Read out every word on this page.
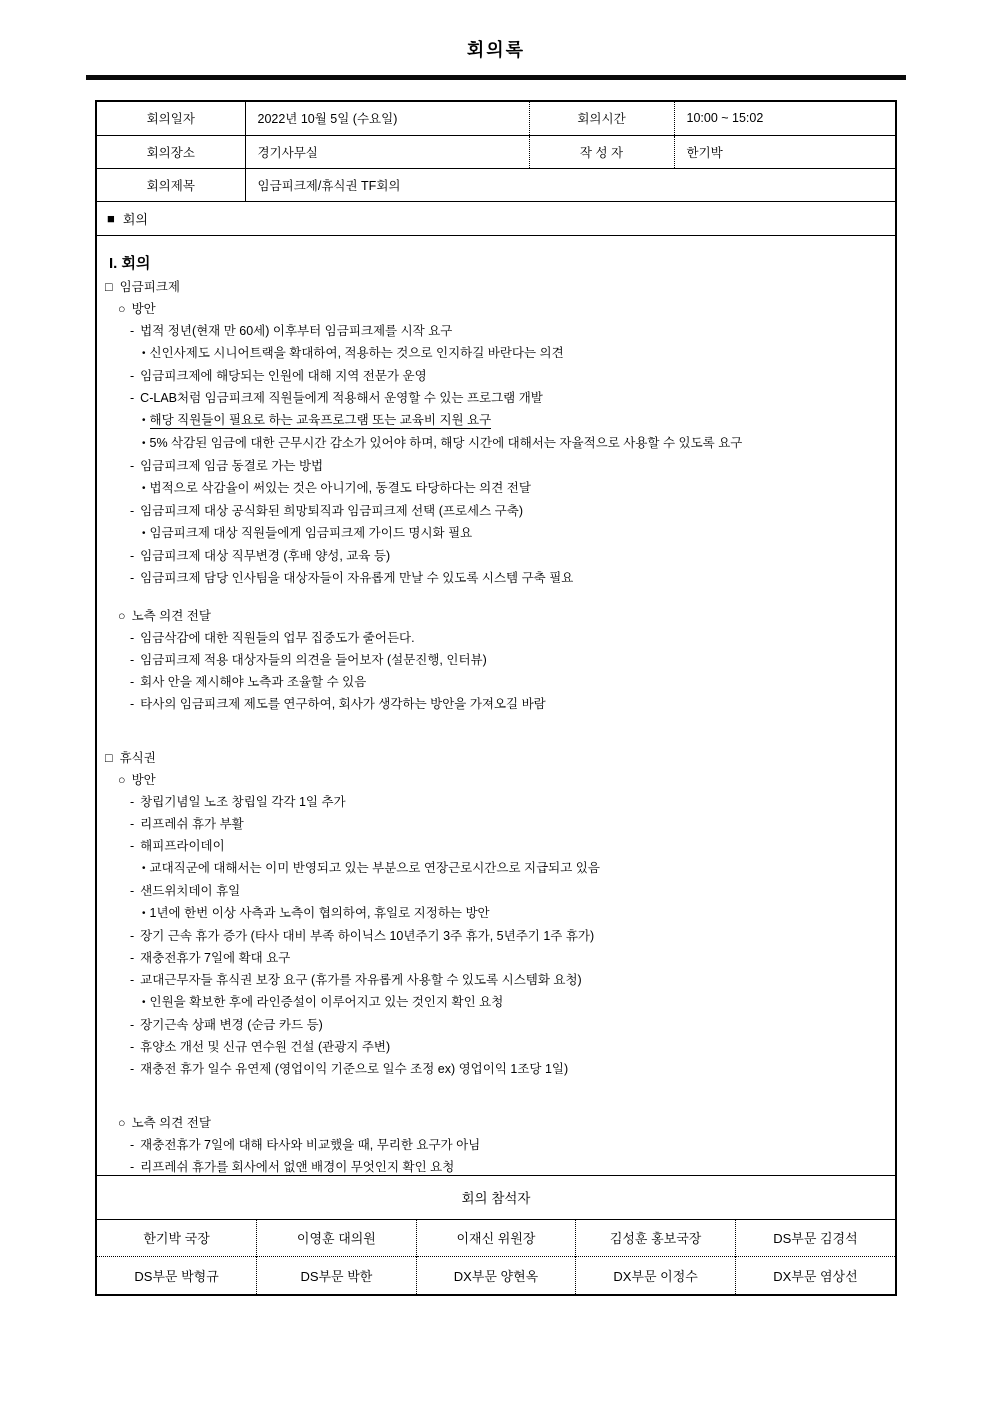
회의록
회의일자	2022년 10월 5일 (수요일)	회의시간	10:00 ~ 15:02
회의장소	경기사무실	작 성 자	한기박
회의제목	임금피크제/휴식권 TF회의		
■ 회의
I. 회의
□ 임금피크제
○ 방안
- 법적 정년(현재 만 60세) 이후부터 임금피크제를 시작 요구
• 신인사제도 시니어트랙을 확대하여, 적용하는 것으로 인지하길 바란다는 의견
- 임금피크제에 해당되는 인원에 대해 지역 전문가 운영
- C-LAB처럼 임금피크제 직원들에게 적용해서 운영할 수 있는 프로그램 개발
• 해당 직원들이 필요로 하는 교육프로그램 또는 교육비 지원 요구
• 5% 삭감된 임금에 대한 근무시간 감소가 있어야 하며, 해당 시간에 대해서는 자율적으로 사용할 수 있도록 요구
- 임금피크제 임금 동결로 가는 방법
• 법적으로 삭감율이 써있는 것은 아니기에, 동결도 타당하다는 의견 전달
- 임금피크제 대상 공식화된 희망퇴직과 임금피크제 선택 (프로세스 구축)
• 임금피크제 대상 직원들에게 임금피크제 가이드 명시화 필요
- 임금피크제 대상 직무변경 (후배 양성, 교육 등)
- 임금피크제 담당 인사팀을 대상자들이 자유롭게 만날 수 있도록 시스템 구축 필요
○ 노측 의견 전달
- 임금삭감에 대한 직원들의 업무 집중도가 줄어든다.
- 임금피크제 적용 대상자들의 의견을 들어보자 (설문진행, 인터뷰)
- 회사 안을 제시해야 노측과 조율할 수 있음
- 타사의 임금피크제 제도를 연구하여, 회사가 생각하는 방안을 가져오길 바람
□ 휴식권
○ 방안
- 창립기념일 노조 창립일 각각 1일 추가
- 리프레쉬 휴가 부활
- 해피프라이데이
• 교대직군에 대해서는 이미 반영되고 있는 부분으로 연장근로시간으로 지급되고 있음
- 샌드위치데이 휴일
• 1년에 한번 이상 사측과 노측이 협의하여, 휴일로 지정하는 방안
- 장기 근속 휴가 증가 (타사 대비 부족 하이닉스 10년주기 3주 휴가, 5년주기 1주 휴가)
- 재충전휴가 7일에 확대 요구
- 교대근무자들 휴식권 보장 요구 (휴가를 자유롭게 사용할 수 있도록 시스템화 요청)
• 인원을 확보한 후에 라인증설이 이루어지고 있는 것인지 확인 요청
- 장기근속 상패 변경 (순금 카드 등)
- 휴양소 개선 및 신규 연수원 건설 (관광지 주변)
- 재충전 휴가 일수 유연제 (영업이익 기준으로 일수 조정 ex) 영업이익 1조당 1일)
○ 노측 의견 전달
- 재충전휴가 7일에 대해 타사와 비교했을 때, 무리한 요구가 아님
- 리프레쉬 휴가를 회사에서 없앤 배경이 무엇인지 확인 요청
회의 참석자
한기박 국장	이영훈 대의원	이재신 위원장	김성훈 홍보국장	DS부문 김경석
DS부문 박형규	DS부문 박한	DX부문 양현옥	DX부문 이정수	DX부문 염상선
